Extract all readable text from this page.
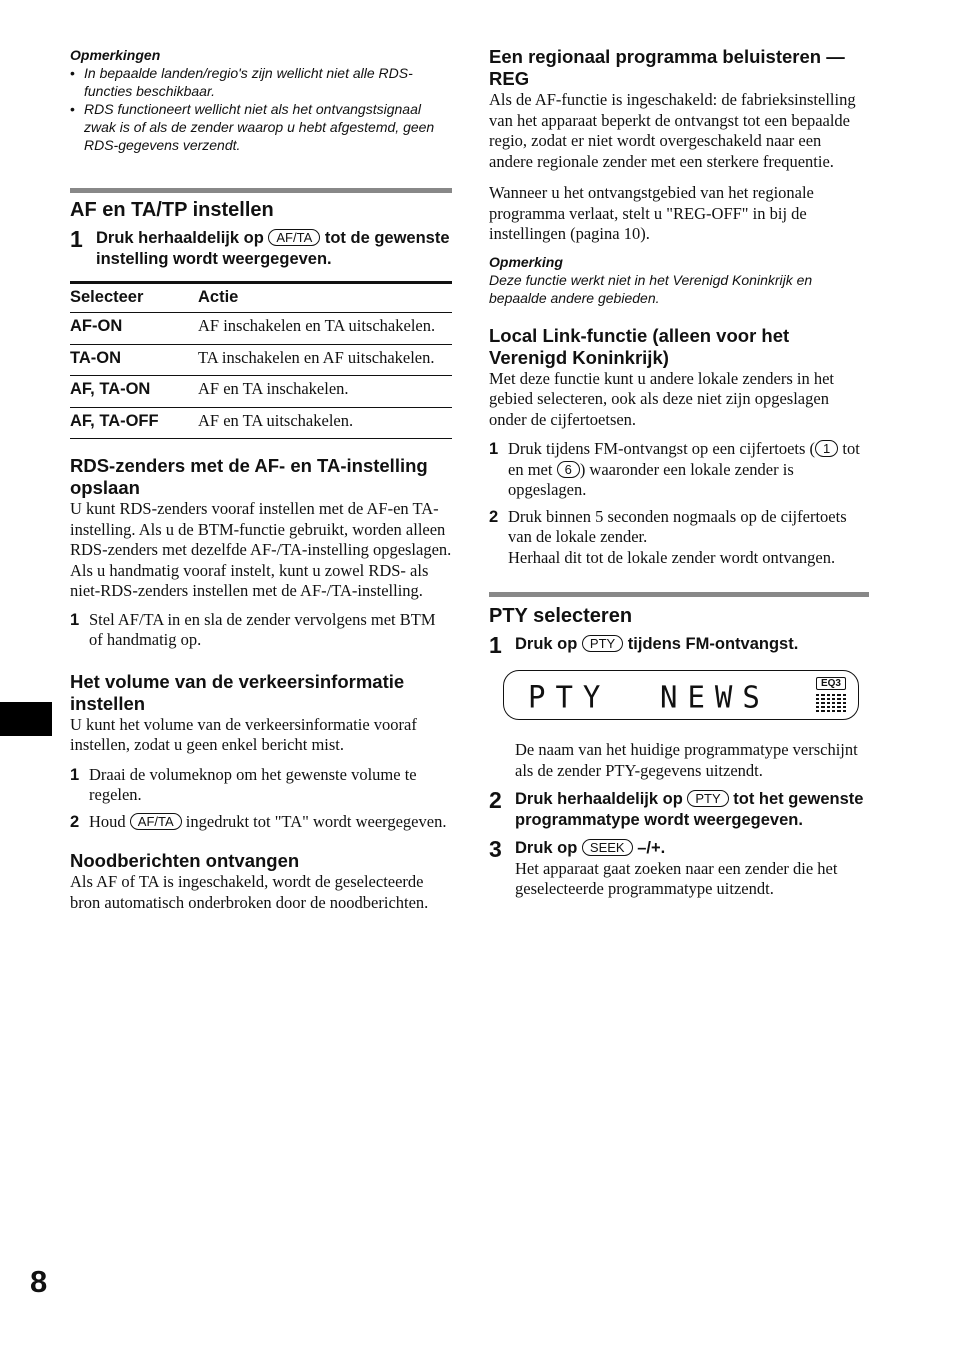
Opmerkingen
• In bepaalde landen/regio's zijn wellicht niet alle RDS-functies beschikbaar.
• RDS functioneert wellicht niet als het ontvangstsignaal zwak is of als de zender waarop u hebt afgestemd, geen RDS-gegevens verzendt.
AF en TA/TP instellen
1 Druk herhaaldelijk op AF/TA tot de gewenste instelling wordt weergegeven.
Selecteer	Actie
AF-ON	AF inschakelen en TA uitschakelen.
TA-ON	TA inschakelen en AF uitschakelen.
AF, TA-ON	AF en TA inschakelen.
AF, TA-OFF	AF en TA uitschakelen.
RDS-zenders met de AF- en TA-instelling opslaan

U kunt RDS-zenders vooraf instellen met de AF-en TA-instelling. Als u de BTM-functie gebruikt, worden alleen RDS-zenders met dezelfde AF-/TA-instelling opgeslagen.

Als u handmatig vooraf instelt, kunt u zowel RDS- als niet-RDS-zenders instellen met de AF-/TA-instelling.

1 Stel AF/TA in en sla de zender vervolgens met BTM of handmatig op.
Het volume van de verkeersinformatie instellen

U kunt het volume van de verkeersinformatie vooraf instellen, zodat u geen enkel bericht mist.

1 Draai de volumeknop om het gewenste volume te regelen.
2 Houd AF/TA ingedrukt tot "TA" wordt weergegeven.
Noodberichten ontvangen

Als AF of TA is ingeschakeld, wordt de geselecteerde bron automatisch onderbroken door de noodberichten.

Een regionaal programma beluisteren — REG

Als de AF-functie is ingeschakeld: de fabrieksinstelling van het apparaat beperkt de ontvangst tot een bepaalde regio, zodat er niet wordt overgeschakeld naar een andere regionale zender met een sterkere frequentie.

Wanneer u het ontvangstgebied van het regionale programma verlaat, stelt u "REG-OFF" in bij de instellingen (pagina 10).

Opmerking
Deze functie werkt niet in het Verenigd Koninkrijk en bepaalde andere gebieden.
Local Link-functie (alleen voor het Verenigd Koninkrijk)

Met deze functie kunt u andere lokale zenders in het gebied selecteren, ook als deze niet zijn opgeslagen onder de cijfertoetsen.

1 Druk tijdens FM-ontvangst op een cijfertoets ( 1 tot en met 6 ) waaronder een lokale zender is opgeslagen.
2 Druk binnen 5 seconden nogmaals op de cijfertoets van de lokale zender.
Herhaal dit tot de lokale zender wordt ontvangen.
PTY selecteren
1 Druk op PTY tijdens FM-ontvangst.
PTY NEWS	EQ3

De naam van het huidige programmatype verschijnt als de zender PTY-gegevens uitzendt.

2 Druk herhaaldelijk op PTY tot het gewenste programmatype wordt weergegeven.
3 Druk op SEEK –/+.
Het apparaat gaat zoeken naar een zender die het geselecteerde programmatype uitzendt.
8
